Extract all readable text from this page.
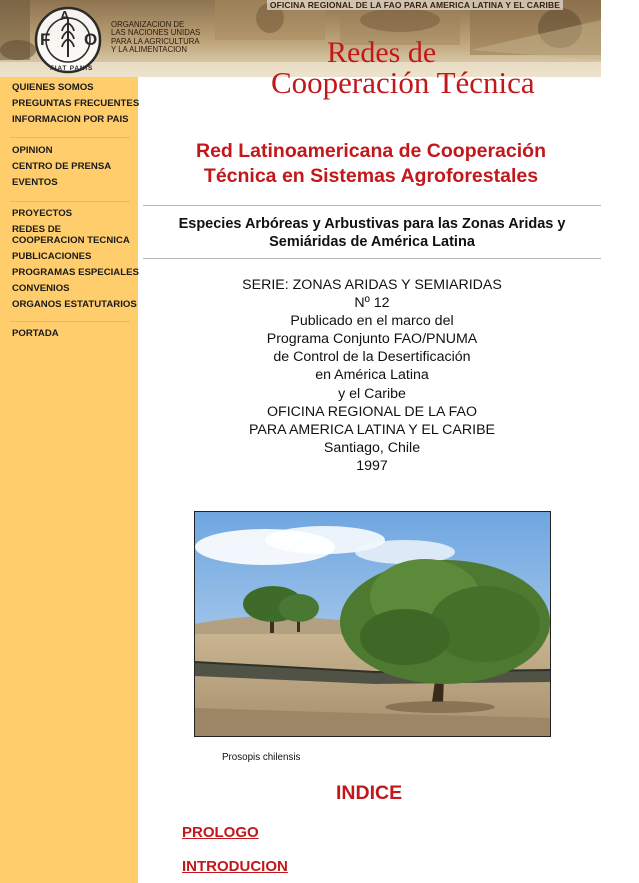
OFICINA REGIONAL DE LA FAO PARA AMERICA LATINA Y EL CARIBE
F
A
O
FIAT PANIS
ORGANIZACION DE
LAS NACIONES UNIDAS
PARA LA AGRICULTURA
Y LA ALIMENTACION	Redes de
Cooperación Técnica
QUIENES SOMOS
PREGUNTAS FRECUENTES
INFORMACION POR PAIS
OPINION
CENTRO DE PRENSA
EVENTOS
PROYECTOS
REDES DE
COOPERACION TECNICA
PUBLICACIONES
PROGRAMAS ESPECIALES
CONVENIOS
ORGANOS ESTATUTARIOS
PORTADA
Red Latinoamericana de Cooperación
Técnica en Sistemas Agroforestales
Especies Arbóreas y Arbustivas para las Zonas Aridas y
Semiáridas de América Latina
SERIE: ZONAS ARIDAS Y SEMIARIDAS
Nº 12
Publicado en el marco del
Programa Conjunto FAO/PNUMA
de Control de la Desertificación
en América Latina
y el Caribe
OFICINA REGIONAL DE LA FAO
PARA AMERICA LATINA Y EL CARIBE
Santiago, Chile
1997
Prosopis chilensis
INDICE
PROLOGO
INTRODUCION
